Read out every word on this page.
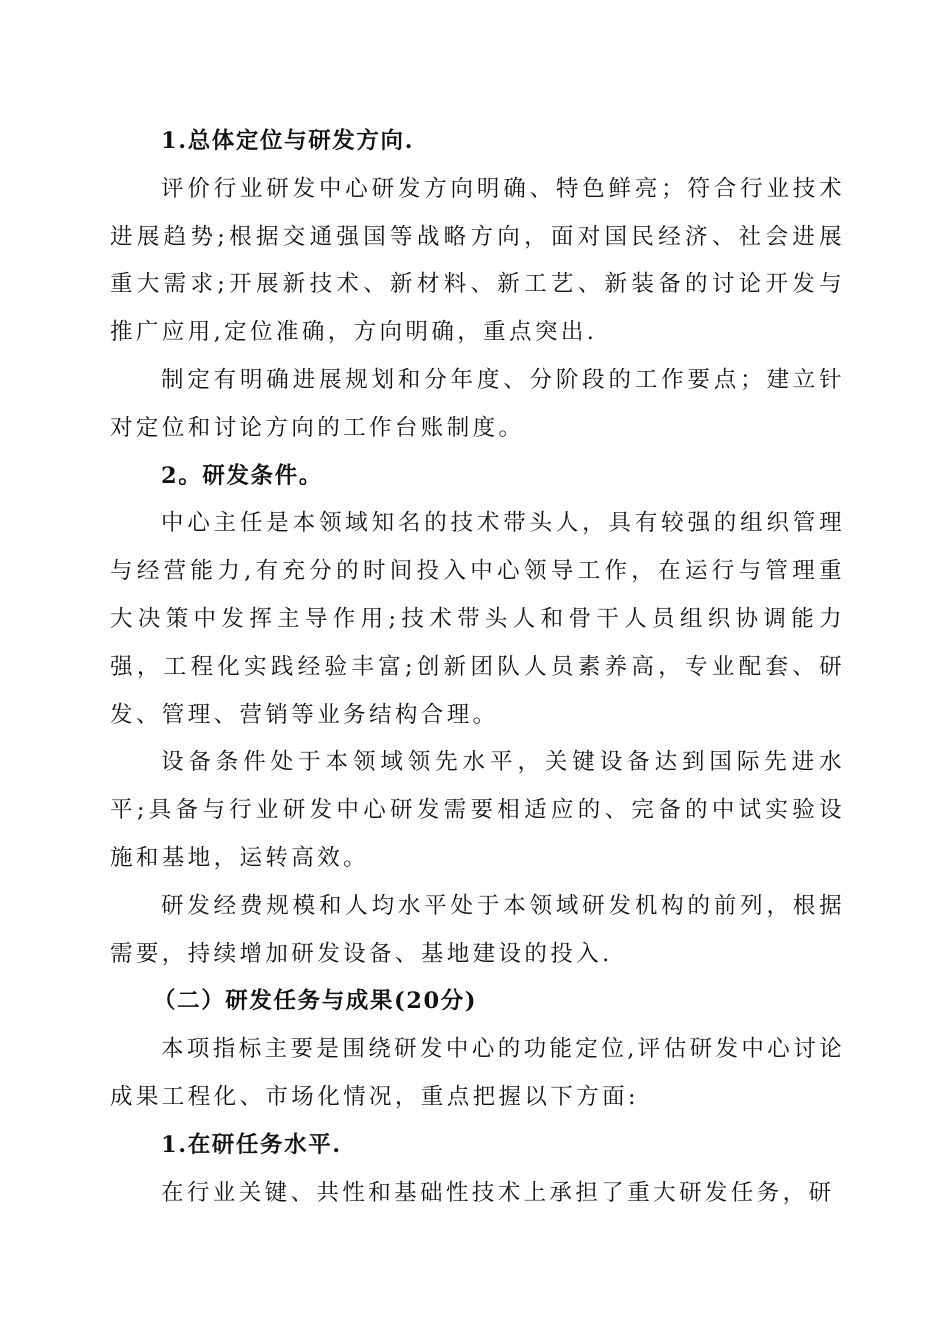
1.总体定位与研发方向.

评价行业研发中心研发方向明确、特色鲜亮；符合行业技术进展趋势;根据交通强国等战略方向，面对国民经济、社会进展重大需求;开展新技术、新材料、新工艺、新装备的讨论开发与推广应用,定位准确，方向明确，重点突出.

制定有明确进展规划和分年度、分阶段的工作要点；建立针对定位和讨论方向的工作台账制度。

2。研发条件。

中心主任是本领域知名的技术带头人，具有较强的组织管理与经营能力,有充分的时间投入中心领导工作，在运行与管理重大决策中发挥主导作用;技术带头人和骨干人员组织协调能力强，工程化实践经验丰富;创新团队人员素养高，专业配套、研发、管理、营销等业务结构合理。

设备条件处于本领域领先水平，关键设备达到国际先进水平;具备与行业研发中心研发需要相适应的、完备的中试实验设施和基地，运转高效。

研发经费规模和人均水平处于本领域研发机构的前列，根据需要，持续增加研发设备、基地建设的投入.

（二）研发任务与成果(20分)

本项指标主要是围绕研发中心的功能定位,评估研发中心讨论成果工程化、市场化情况，重点把握以下方面:

1.在研任务水平.

在行业关键、共性和基础性技术上承担了重大研发任务，研
